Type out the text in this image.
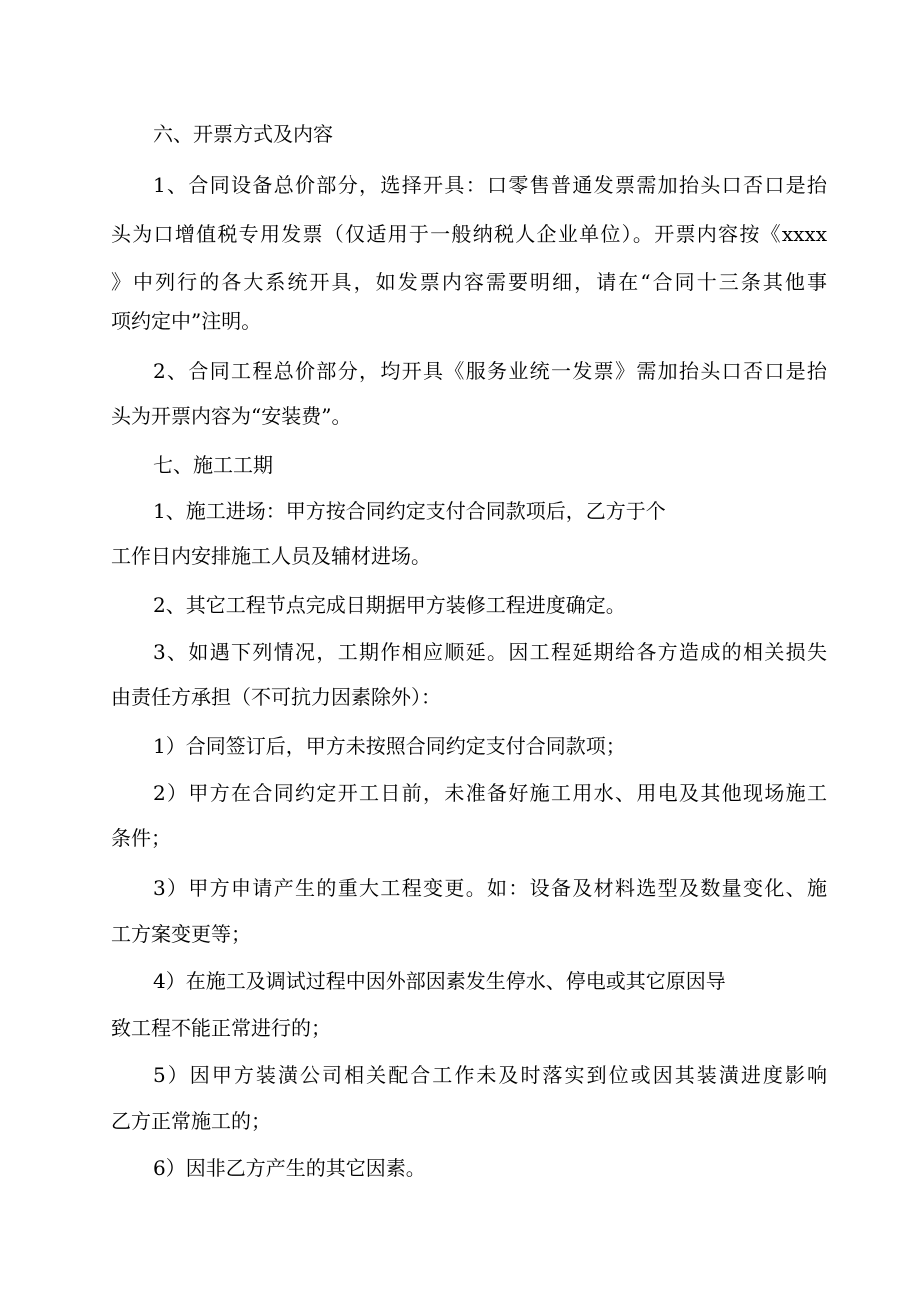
六、开票方式及内容
1、合同设备总价部分，选择开具：口零售普通发票需加抬头口否口是抬
头为口增值税专用发票（仅适用于一般纳税人企业单位）。开票内容按《xxxx
》中列行的各大系统开具，如发票内容需要明细，请在“合同十三条其他事
项约定中”注明。
2、合同工程总价部分，均开具《服务业统一发票》需加抬头口否口是抬
头为开票内容为“安装费”。
七、施工工期
1、施工进场：甲方按合同约定支付合同款项后，乙方于个
工作日内安排施工人员及辅材进场。
2、其它工程节点完成日期据甲方装修工程进度确定。
3、如遇下列情况，工期作相应顺延。因工程延期给各方造成的相关损失
由责任方承担（不可抗力因素除外）：
1）合同签订后，甲方未按照合同约定支付合同款项；
2）甲方在合同约定开工日前，未准备好施工用水、用电及其他现场施工
条件；
3）甲方申请产生的重大工程变更。如：设备及材料选型及数量变化、施
工方案变更等；
4）在施工及调试过程中因外部因素发生停水、停电或其它原因导
致工程不能正常进行的；
5）因甲方装潢公司相关配合工作未及时落实到位或因其装潢进度影响
乙方正常施工的；
6）因非乙方产生的其它因素。
